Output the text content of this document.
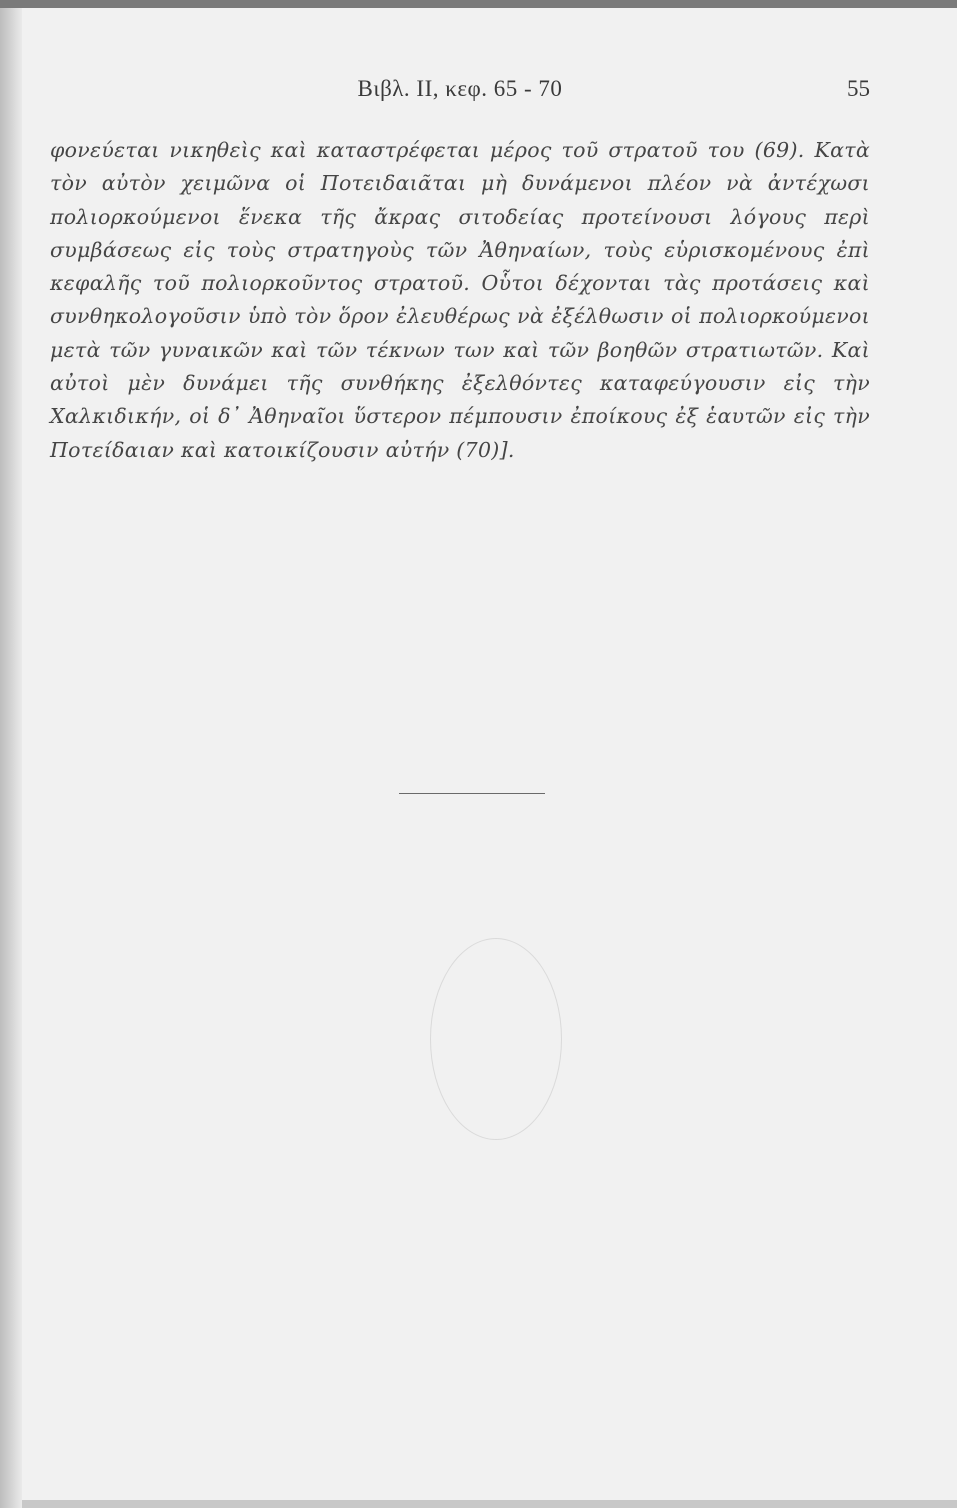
Βιβλ. II, κεφ. 65 - 70	55
φονεύεται νικηθεὶς καὶ καταστρέφεται μέρος τοῦ στρατοῦ του (69). Κατὰ τὸν αὐτὸν χειμῶνα οἱ Ποτειδαιᾶται μὴ δυνάμενοι πλέον νὰ ἀντέχωσι πολιορκούμενοι ἕνεκα τῆς ἄκρας σιτοδείας προτείνουσι λόγους περὶ συμβάσεως εἰς τοὺς στρατηγοὺς τῶν Ἀθηναίων, τοὺς εὑρισκομένους ἐπὶ κεφαλῆς τοῦ πολιορκοῦντος στρατοῦ. Οὗτοι δέχονται τὰς προτάσεις καὶ συνθηκολογοῦσιν ὑπὸ τὸν ὅρον ἐλευθέρως νὰ ἐξέλθωσιν οἱ πολιορκούμενοι μετὰ τῶν γυναικῶν καὶ τῶν τέκνων των καὶ τῶν βοηθῶν στρατιωτῶν. Καὶ αὐτοὶ μὲν δυνάμει τῆς συνθήκης ἐξελθόντες καταφεύγουσιν εἰς τὴν Χαλκιδικήν, οἱ δ᾽ Ἀθηναῖοι ὕστερον πέμπουσιν ἐποίκους ἐξ ἑαυτῶν εἰς τὴν Ποτείδαιαν καὶ κατοικίζουσιν αὐτήν (70)].
